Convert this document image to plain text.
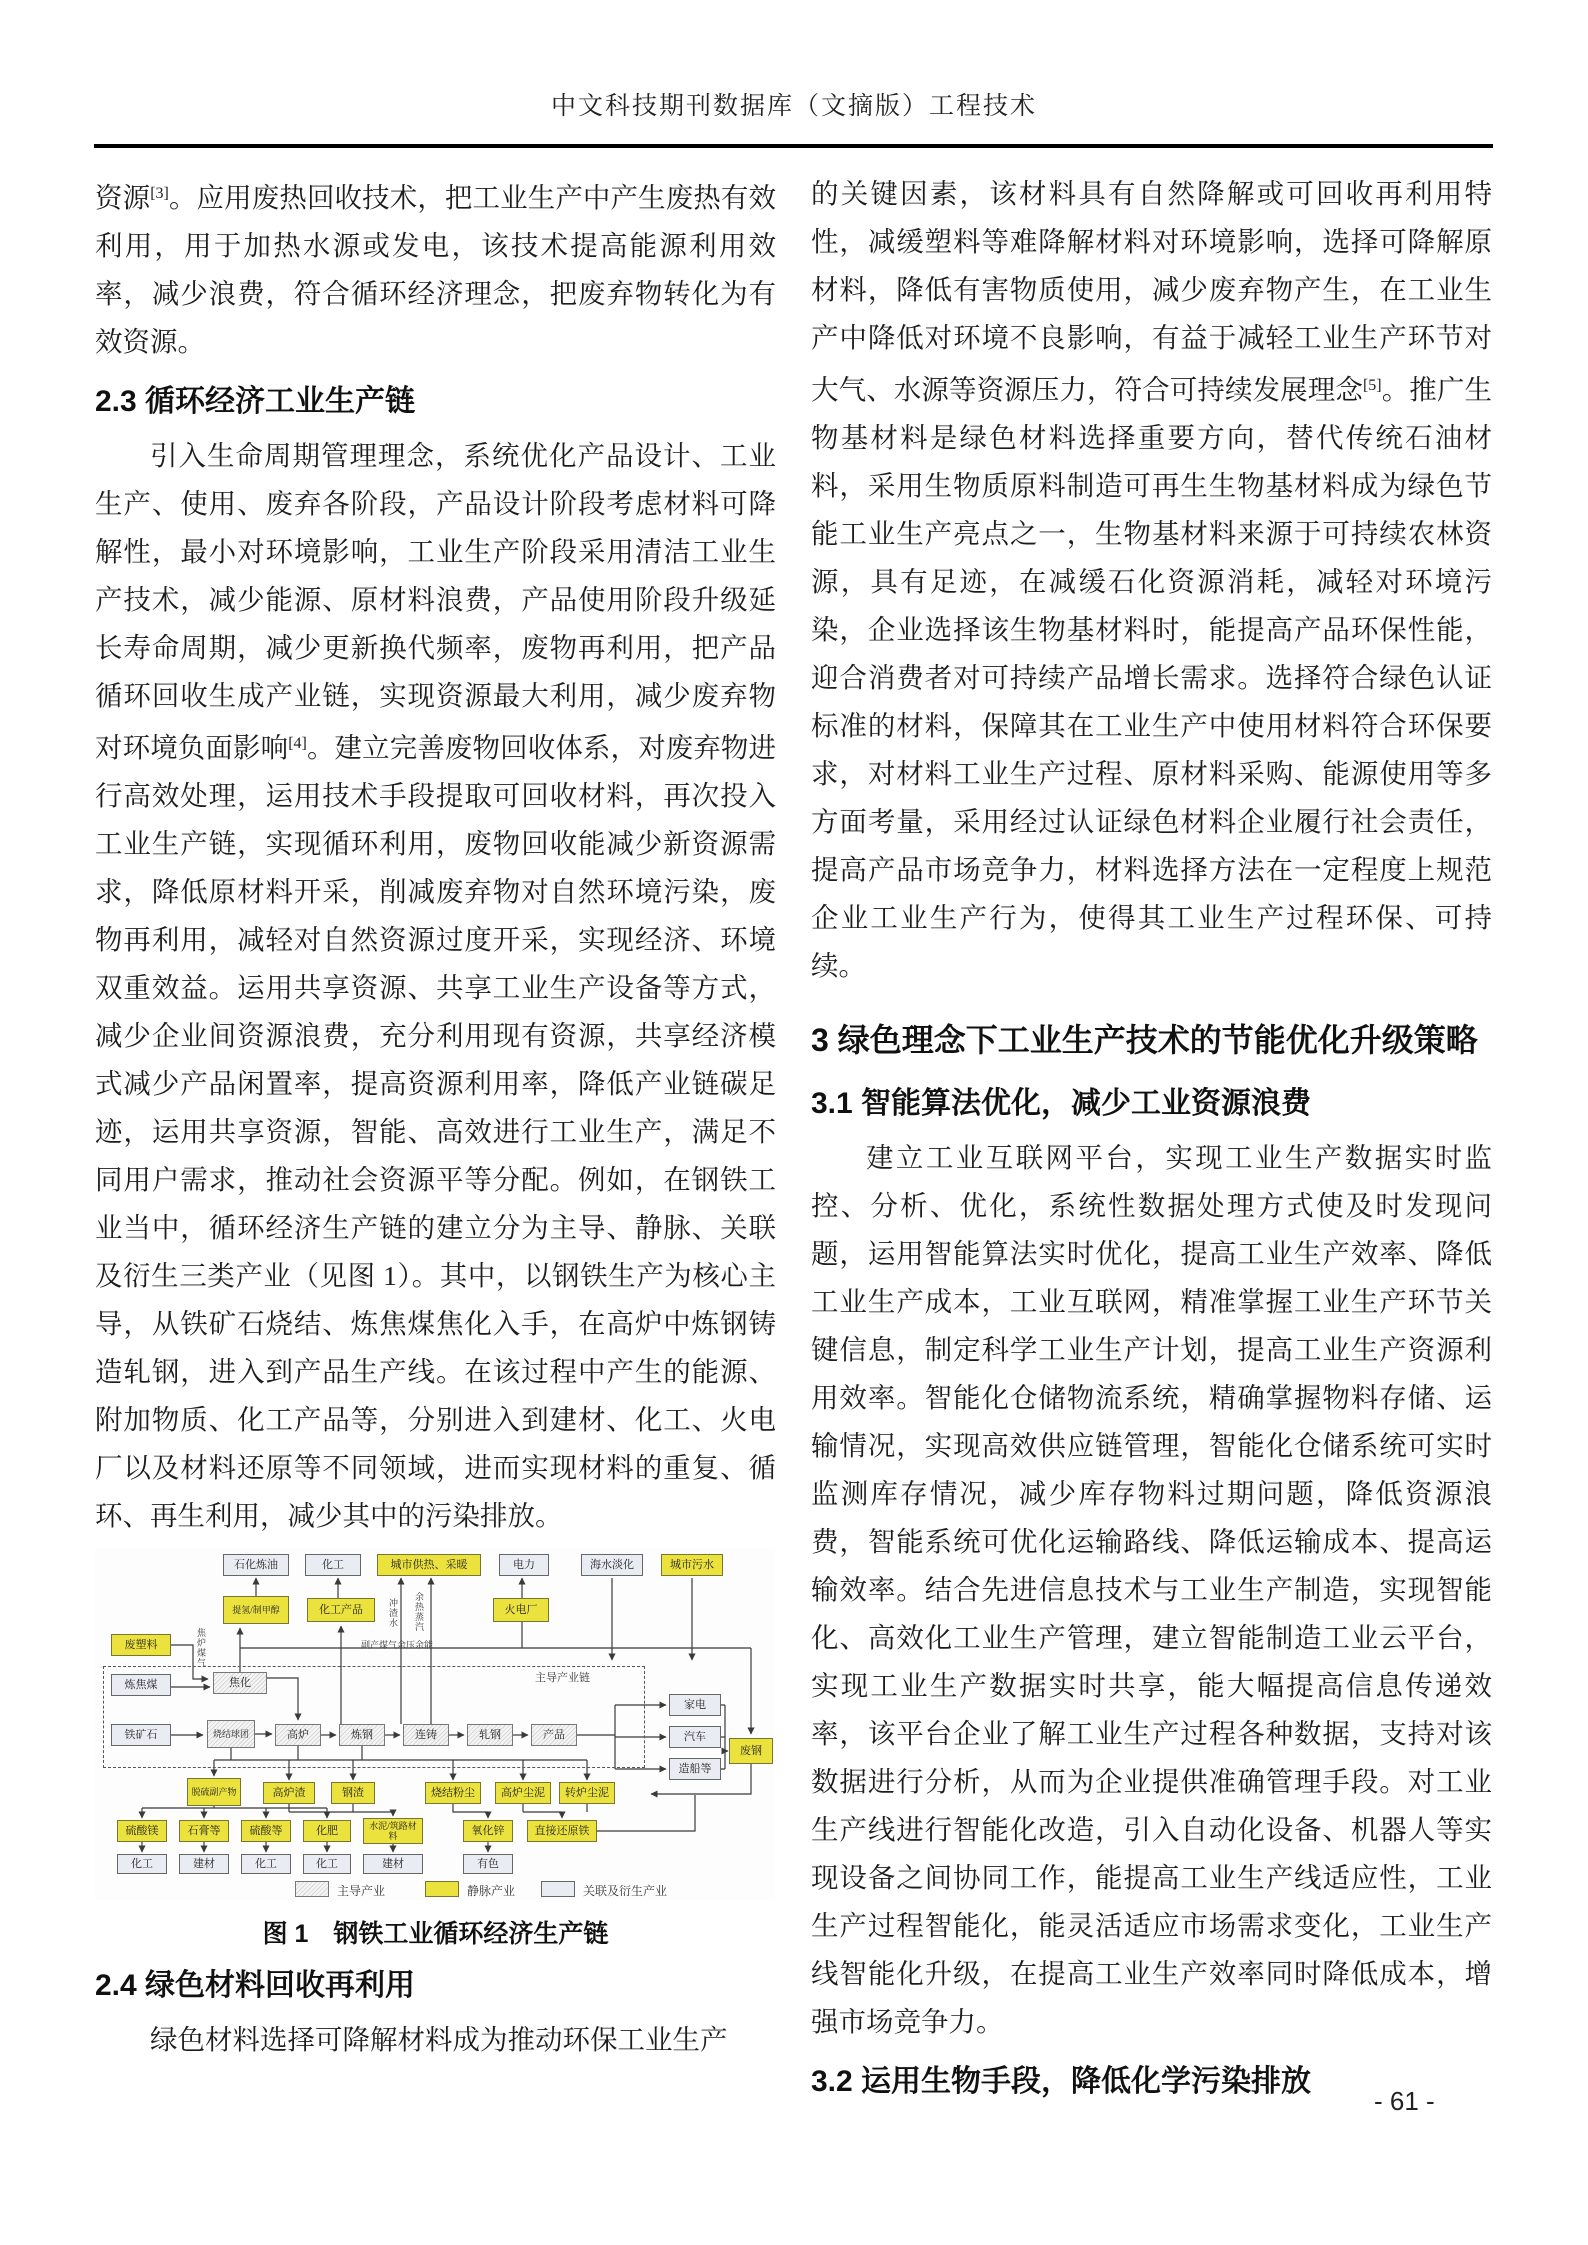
中文科技期刊数据库（文摘版）工程技术

资源[3]。应用废热回收技术，把工业生产中产生废热有效利用，用于加热水源或发电，该技术提高能源利用效率，减少浪费，符合循环经济理念，把废弃物转化为有效资源。

2.3 循环经济工业生产链

引入生命周期管理理念，系统优化产品设计、工业生产、使用、废弃各阶段，产品设计阶段考虑材料可降解性，最小对环境影响，工业生产阶段采用清洁工业生产技术，减少能源、原材料浪费，产品使用阶段升级延长寿命周期，减少更新换代频率，废物再利用，把产品循环回收生成产业链，实现资源最大利用，减少废弃物对环境负面影响[4]。建立完善废物回收体系，对废弃物进行高效处理，运用技术手段提取可回收材料，再次投入工业生产链，实现循环利用，废物回收能减少新资源需求，降低原材料开采，削减废弃物对自然环境污染，废物再利用，减轻对自然资源过度开采，实现经济、环境双重效益。运用共享资源、共享工业生产设备等方式，减少企业间资源浪费，充分利用现有资源，共享经济模式减少产品闲置率，提高资源利用率，降低产业链碳足迹，运用共享资源，智能、高效进行工业生产，满足不同用户需求，推动社会资源平等分配。例如，在钢铁工业当中，循环经济生产链的建立分为主导、静脉、关联及衍生三类产业（见图 1）。其中，以钢铁生产为核心主导，从铁矿石烧结、炼焦煤焦化入手，在高炉中炼钢铸造轧钢，进入到产品生产线。在该过程中产生的能源、附加物质、化工产品等，分别进入到建材、化工、火电厂以及材料还原等不同领域，进而实现材料的重复、循环、再生利用，减少其中的污染排放。

主导产业链
石化炼油	化工	城市供热、采暖	电力	海水淡化	城市污水
提氢/制甲醇	化工产品	火电厂
焦炉煤气
冲渣水 余热蒸汽
副产煤气余压余能
废塑料
炼焦煤
铁矿石
焦化
烧结球团	高炉	炼钢	连铸	轧钢	产品
家电
汽车
造船等
废钢
脱硫副产物	高炉渣	钢渣	烧结粉尘	高炉尘泥	转炉尘泥
硫酸镁	石膏等	硫酸等	化肥	水泥/筑路材料	氧化锌	直接还原铁
化工	建材	化工	化工	建材	有色
主导产业	静脉产业	关联及衍生产业

图 1　钢铁工业循环经济生产链

2.4 绿色材料回收再利用

绿色材料选择可降解材料成为推动环保工业生产

的关键因素，该材料具有自然降解或可回收再利用特性，减缓塑料等难降解材料对环境影响，选择可降解原材料，降低有害物质使用，减少废弃物产生，在工业生产中降低对环境不良影响，有益于减轻工业生产环节对大气、水源等资源压力，符合可持续发展理念[5]。推广生物基材料是绿色材料选择重要方向，替代传统石油材料，采用生物质原料制造可再生生物基材料成为绿色节能工业生产亮点之一，生物基材料来源于可持续农林资源，具有足迹，在减缓石化资源消耗，减轻对环境污染，企业选择该生物基材料时，能提高产品环保性能，迎合消费者对可持续产品增长需求。选择符合绿色认证标准的材料，保障其在工业生产中使用材料符合环保要求，对材料工业生产过程、原材料采购、能源使用等多方面考量，采用经过认证绿色材料企业履行社会责任，提高产品市场竞争力，材料选择方法在一定程度上规范企业工业生产行为，使得其工业生产过程环保、可持续。

3 绿色理念下工业生产技术的节能优化升级策略
3.1 智能算法优化，减少工业资源浪费

建立工业互联网平台，实现工业生产数据实时监控、分析、优化，系统性数据处理方式使及时发现问题，运用智能算法实时优化，提高工业生产效率、降低工业生产成本，工业互联网，精准掌握工业生产环节关键信息，制定科学工业生产计划，提高工业生产资源利用效率。智能化仓储物流系统，精确掌握物料存储、运输情况，实现高效供应链管理，智能化仓储系统可实时监测库存情况，减少库存物料过期问题，降低资源浪费，智能系统可优化运输路线、降低运输成本、提高运输效率。结合先进信息技术与工业生产制造，实现智能化、高效化工业生产管理，建立智能制造工业云平台，实现工业生产数据实时共享，能大幅提高信息传递效率，该平台企业了解工业生产过程各种数据，支持对该数据进行分析，从而为企业提供准确管理手段。对工业生产线进行智能化改造，引入自动化设备、机器人等实现设备之间协同工作，能提高工业生产线适应性，工业生产过程智能化，能灵活适应市场需求变化，工业生产线智能化升级，在提高工业生产效率同时降低成本，增强市场竞争力。

3.2 运用生物手段，降低化学污染排放
- 61 -
